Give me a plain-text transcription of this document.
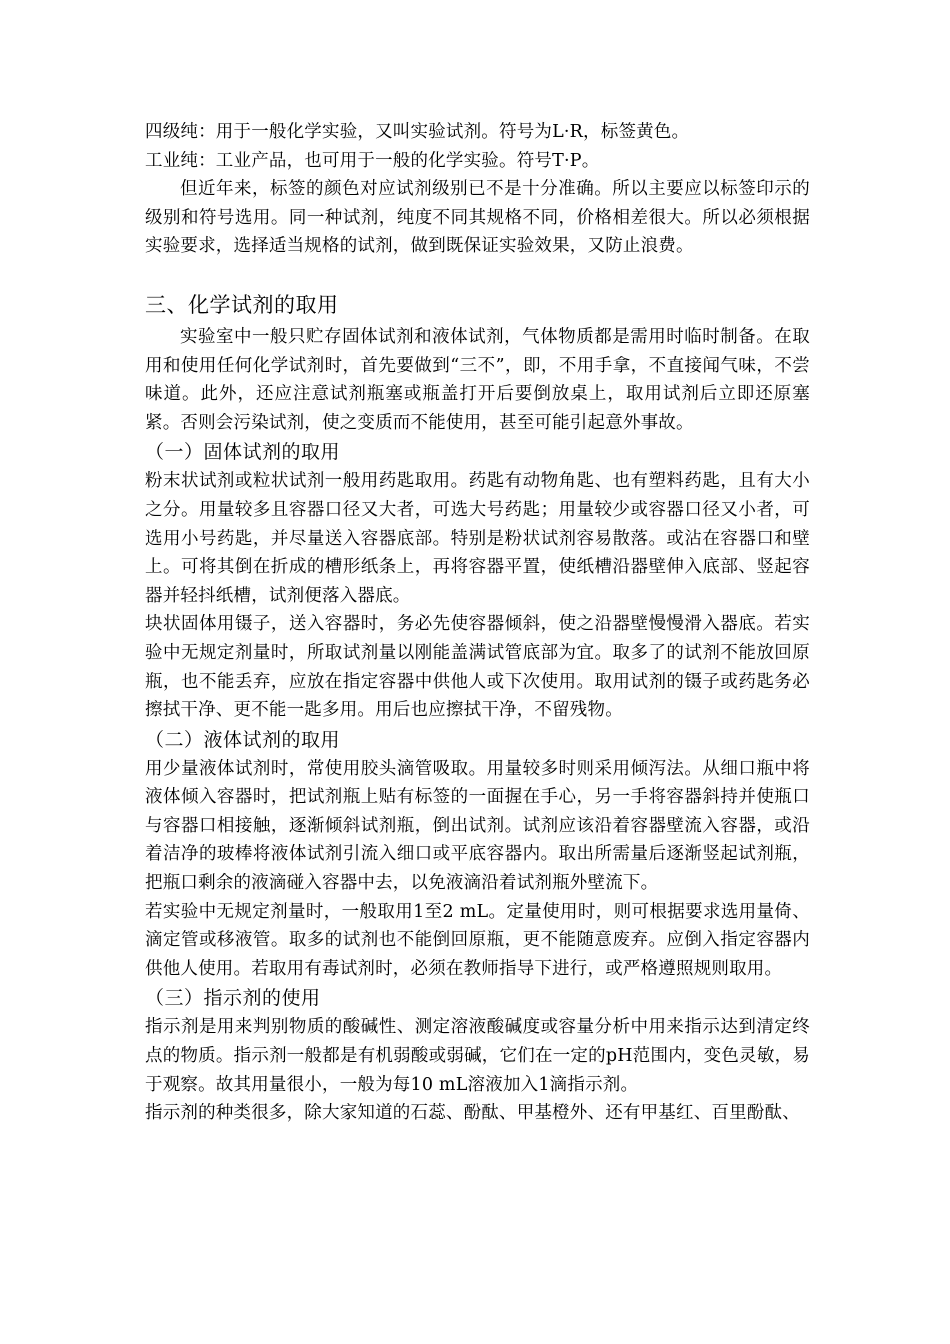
四级纯：用于一般化学实验，又叫实验试剂。符号为L·R，标签黄色。

工业纯：工业产品，也可用于一般的化学实验。符号T·P。

但近年来，标签的颜色对应试剂级别已不是十分准确。所以主要应以标签印示的级别和符号选用。同一种试剂，纯度不同其规格不同，价格相差很大。所以必须根据实验要求，选择适当规格的试剂，做到既保证实验效果，又防止浪费。

三、化学试剂的取用

实验室中一般只贮存固体试剂和液体试剂，气体物质都是需用时临时制备。在取用和使用任何化学试剂时，首先要做到“三不”，即，不用手拿，不直接闻气味，不尝味道。此外，还应注意试剂瓶塞或瓶盖打开后要倒放桌上，取用试剂后立即还原塞紧。否则会污染试剂，使之变质而不能使用，甚至可能引起意外事故。

（一）固体试剂的取用

粉末状试剂或粒状试剂一般用药匙取用。药匙有动物角匙、也有塑料药匙，且有大小之分。用量较多且容器口径又大者，可选大号药匙；用量较少或容器口径又小者，可选用小号药匙，并尽量送入容器底部。特别是粉状试剂容易散落。或沾在容器口和壁上。可将其倒在折成的槽形纸条上，再将容器平置，使纸槽沿器壁伸入底部、竖起容器并轻抖纸槽，试剂便落入器底。

块状固体用镊子，送入容器时，务必先使容器倾斜，使之沿器壁慢慢滑入器底。若实验中无规定剂量时，所取试剂量以刚能盖满试管底部为宜。取多了的试剂不能放回原瓶，也不能丢弃，应放在指定容器中供他人或下次使用。取用试剂的镊子或药匙务必擦拭干净、更不能一匙多用。用后也应擦拭干净，不留残物。

（二）液体试剂的取用

用少量液体试剂时，常使用胶头滴管吸取。用量较多时则采用倾泻法。从细口瓶中将液体倾入容器时，把试剂瓶上贴有标签的一面握在手心，另一手将容器斜持并使瓶口与容器口相接触，逐渐倾斜试剂瓶，倒出试剂。试剂应该沿着容器壁流入容器，或沿着洁净的玻棒将液体试剂引流入细口或平底容器内。取出所需量后逐渐竖起试剂瓶，把瓶口剩余的液滴碰入容器中去，以免液滴沿着试剂瓶外壁流下。

若实验中无规定剂量时，一般取用1至2 mL。定量使用时，则可根据要求选用量倚、滴定管或移液管。取多的试剂也不能倒回原瓶，更不能随意废弃。应倒入指定容器内供他人使用。若取用有毒试剂时，必须在教师指导下进行，或严格遵照规则取用。

（三）指示剂的使用

指示剂是用来判别物质的酸碱性、测定溶液酸碱度或容量分析中用来指示达到清定终点的物质。指示剂一般都是有机弱酸或弱碱，它们在一定的pH范围内，变色灵敏，易于观察。故其用量很小，一般为每10 mL溶液加入1滴指示剂。

指示剂的种类很多，除大家知道的石蕊、酚酞、甲基橙外、还有甲基红、百里酚酞、
